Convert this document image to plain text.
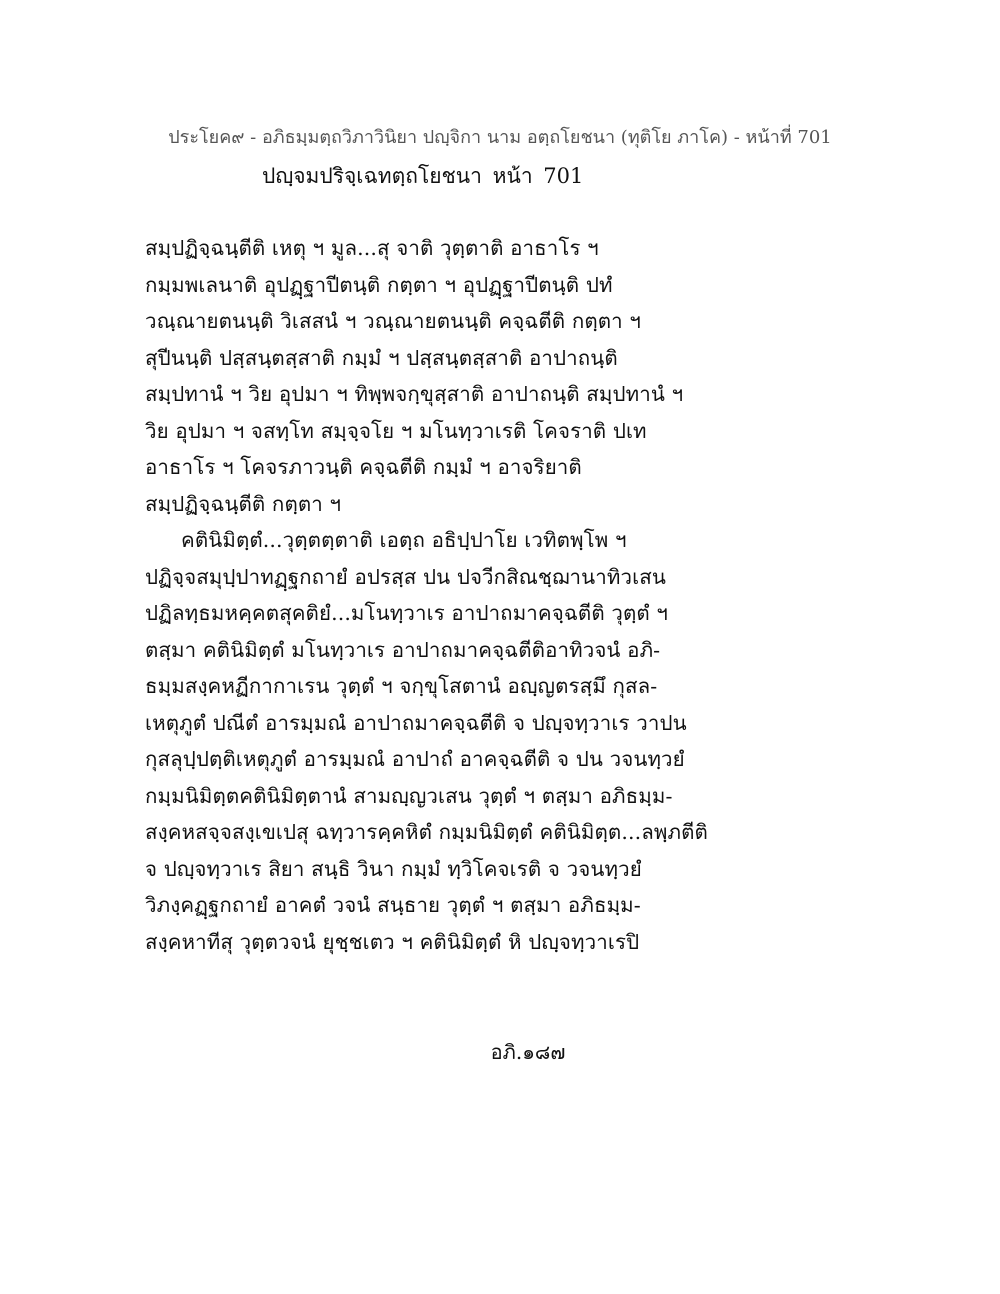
ประโยค๙ - อภิธมฺมตฺถวิภาวินิยา ปญฺจิกา นาม อตฺถโยชนา (ทุติโย ภาโค) - หน้าที่ 701
ปญฺจมปริจฺเฉทตฺถโยชนา หน้า 701
สมฺปฏิจฺฉนฺตีติ เหตุ ฯ มูล...สุ จาติ วุตฺตาติ อาธาโร ฯ
กมฺมพเลนาติ อุปฏฺฐาปีตนฺติ กตฺตา ฯ อุปฏฺฐาปีตนฺติ ปทํ
วณฺณายตนนฺติ วิเสสนํ ฯ วณฺณายตนนฺติ คจฺฉตีติ กตฺตา ฯ
สุปีนนฺติ ปสฺสนฺตสฺสาติ กมฺมํ ฯ ปสฺสนฺตสฺสาติ อาปาถนฺติ
สมฺปทานํ ฯ วิย อุปมา ฯ ทิพฺพจกฺขุสฺสาติ อาปาถนฺติ สมฺปทานํ ฯ
วิย อุปมา ฯ จสทฺโท สมฺจฺจโย ฯ มโนทฺวาเรติ โคจราติ ปเท
อาธาโร ฯ โคจรภาวนฺติ คจฺฉตีติ กมฺมํ ฯ อาจริยาติ
สมฺปฏิจฺฉนฺตีติ กตฺตา ฯ
คตินิมิตฺตํ...วุตฺตตฺตาติ เอตฺถ อธิปฺปาโย เวทิตพฺโพ ฯ
ปฏิจฺจสมุปฺปาทฏฺฐกถายํ อปรสฺส ปน ปจวีกสิณชฺฌานาทิวเสน
ปฏิลทฺธมหคฺคตสุคติยํ...มโนทฺวาเร อาปาถมาคจฺฉตีติ วุตฺตํ ฯ
ตสฺมา คตินิมิตฺตํ มโนทฺวาเร อาปาถมาคจฺฉตีติอาทิวจนํ อภิ-
ธมฺมสงฺคหฏีกากาเรน วุตฺตํ ฯ จกฺขุโสตานํ อญฺญตรสฺมึ กุสล-
เหตุภูตํ ปณีตํ อารมฺมณํ อาปาถมาคจฺฉตีติ จ ปญฺจทฺวาเร วาปน
กุสลุปฺปตฺติเหตุภูตํ อารมฺมณํ อาปาถํ อาคจฺฉตีติ จ ปน วจนทฺวยํ
กมฺมนิมิตฺตคตินิมิตฺตานํ สามญฺญวเสน วุตฺตํ ฯ ตสฺมา อภิธมฺม-
สงฺคหสจฺจสงฺเขเปสุ ฉทฺวารคฺคหิตํ กมฺมนิมิตฺตํ คตินิมิตฺต...ลพฺภตีติ
จ ปญฺจทฺวาเร สิยา สนฺธิ วินา กมฺมํ ทฺวิโคจเรติ จ วจนทฺวยํ
วิภงฺคฏฺฐกถายํ อาคตํ วจนํ สนฺธาย วุตฺตํ ฯ ตสฺมา อภิธมฺม-
สงฺคหาทีสุ วุตฺตวจนํ ยุชฺชเตว ฯ คตินิมิตฺตํ หิ ปญฺจทฺวาเรปิ
อภิ.๑๘๗
